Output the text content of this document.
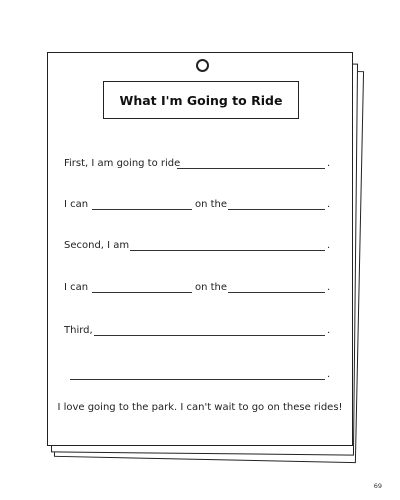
What I'm Going to Ride
First, I am going to ride	.
I can	on the	.
Second, I am	.
I can	on the	.
Third,	.
.
I love going to the park. I can't wait to go on these rides!
69
